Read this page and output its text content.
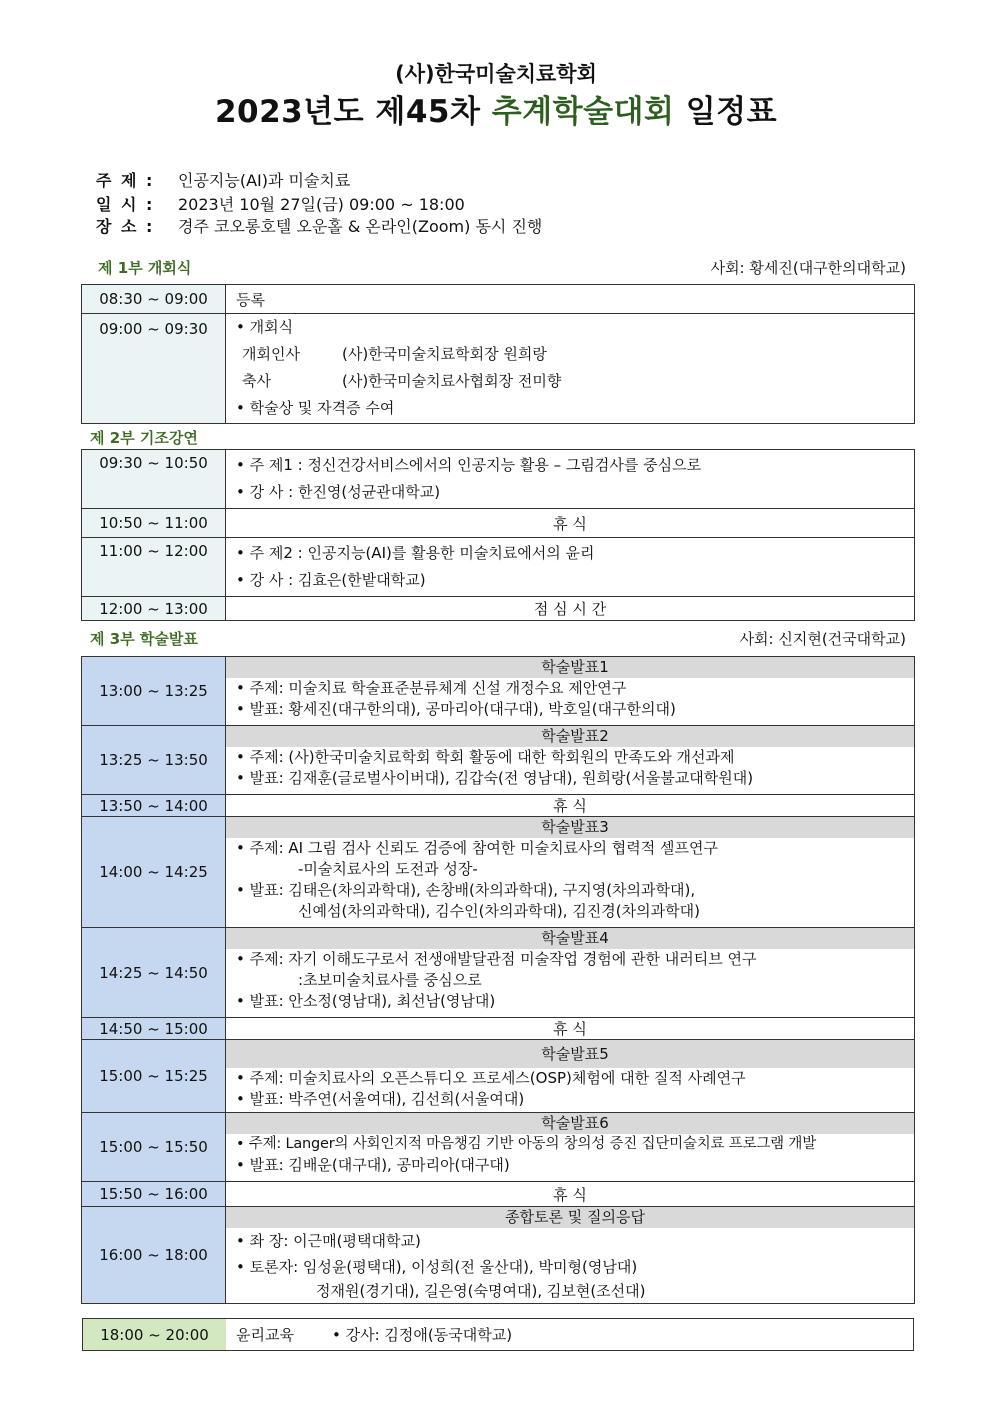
(사)한국미술치료학회
2023년도 제45차 추계학술대회 일정표
주 제 : 인공지능(AI)과 미술치료
일 시 : 2023년 10월 27일(금) 09:00 ~ 18:00
장 소 : 경주 코오롱호텔 오운홀 & 온라인(Zoom) 동시 진행
제 1부 개회식	사회: 황세진(대구한의대학교)
08:30 ~ 09:00	등록
09:00 ~ 09:30	• 개회식
개회인사 (사)한국미술치료학회장 원희랑
축사 (사)한국미술치료사협회장 전미향
• 학술상 및 자격증 수여
제 2부 기조강연
09:30 ~ 10:50	• 주 제1 : 정신건강서비스에서의 인공지능 활용 – 그림검사를 중심으로
• 강 사 : 한진영(성균관대학교)

10:50 ~ 11:00	휴 식
11:00 ~ 12:00	• 주 제2 : 인공지능(AI)를 활용한 미술치료에서의 윤리
• 강 사 : 김효은(한밭대학교)

12:00 ~ 13:00	점 심 시 간
제 3부 학술발표	사회: 신지현(건국대학교)
13:00 ~ 13:25	학술발표1
• 주제: 미술치료 학술표준분류체계 신설 개정수요 제안연구
• 발표: 황세진(대구한의대), 공마리아(대구대), 박호일(대구한의대)

13:25 ~ 13:50	학술발표2
• 주제: (사)한국미술치료학회 학회 활동에 대한 학회원의 만족도와 개선과제
• 발표: 김재훈(글로벌사이버대), 김갑숙(전 영남대), 원희랑(서울불교대학원대)

13:50 ~ 14:00	휴 식
14:00 ~ 14:25	학술발표3
• 주제: AI 그림 검사 신뢰도 검증에 참여한 미술치료사의 협력적 셀프연구
-미술치료사의 도전과 성장-
• 발표: 김태은(차의과학대), 손창배(차의과학대), 구지영(차의과학대),
신예섬(차의과학대), 김수인(차의과학대), 김진경(차의과학대)

14:25 ~ 14:50	학술발표4
• 주제: 자기 이해도구로서 전생애발달관점 미술작업 경험에 관한 내러티브 연구
:초보미술치료사를 중심으로
• 발표: 안소정(영남대), 최선남(영남대)

14:50 ~ 15:00	휴 식
15:00 ~ 15:25	학술발표5
• 주제: 미술치료사의 오픈스튜디오 프로세스(OSP)체험에 대한 질적 사례연구
• 발표: 박주연(서울여대), 김선희(서울여대)

15:00 ~ 15:50	학술발표6
• 주제: Langer의 사회인지적 마음챙김 기반 아동의 창의성 증진 집단미술치료 프로그램 개발
• 발표: 김배운(대구대), 공마리아(대구대)

15:50 ~ 16:00	휴 식
16:00 ~ 18:00	종합토론 및 질의응답
• 좌 장: 이근매(평택대학교)
• 토론자: 임성윤(평택대), 이성희(전 울산대), 박미형(영남대)
정재원(경기대), 길은영(숙명여대), 김보현(조선대)
18:00 ~ 20:00	윤리교육	• 강사: 김정애(동국대학교)
